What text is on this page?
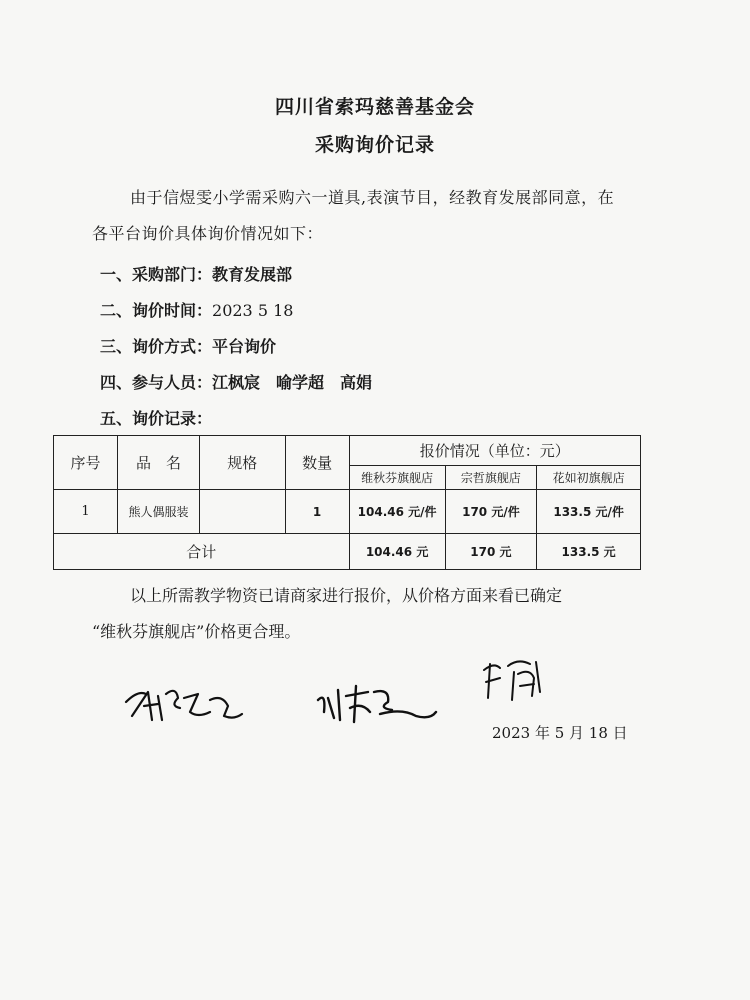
四川省索玛慈善基金会
采购询价记录
由于信煜雯小学需采购六一道具,表演节目，经教育发展部同意，在
各平台询价具体询价情况如下：
一、采购部门：教育发展部
二、询价时间：2023 5 18
三、询价方式：平台询价
四、参与人员：江枫宸　喻学超　高娟
五、询价记录：
序号	品　名	规格	数量	报价情况（单位：元）		
				维秋芬旗舰店	宗哲旗舰店	花如初旗舰店
1	熊人偶服装		1	104.46 元/件	170 元/件	133.5 元/件
合计				104.46 元	170 元	133.5 元
以上所需教学物资已请商家进行报价，从价格方面来看已确定
“维秋芬旗舰店”价格更合理。
2023 年 5 月 18 日
